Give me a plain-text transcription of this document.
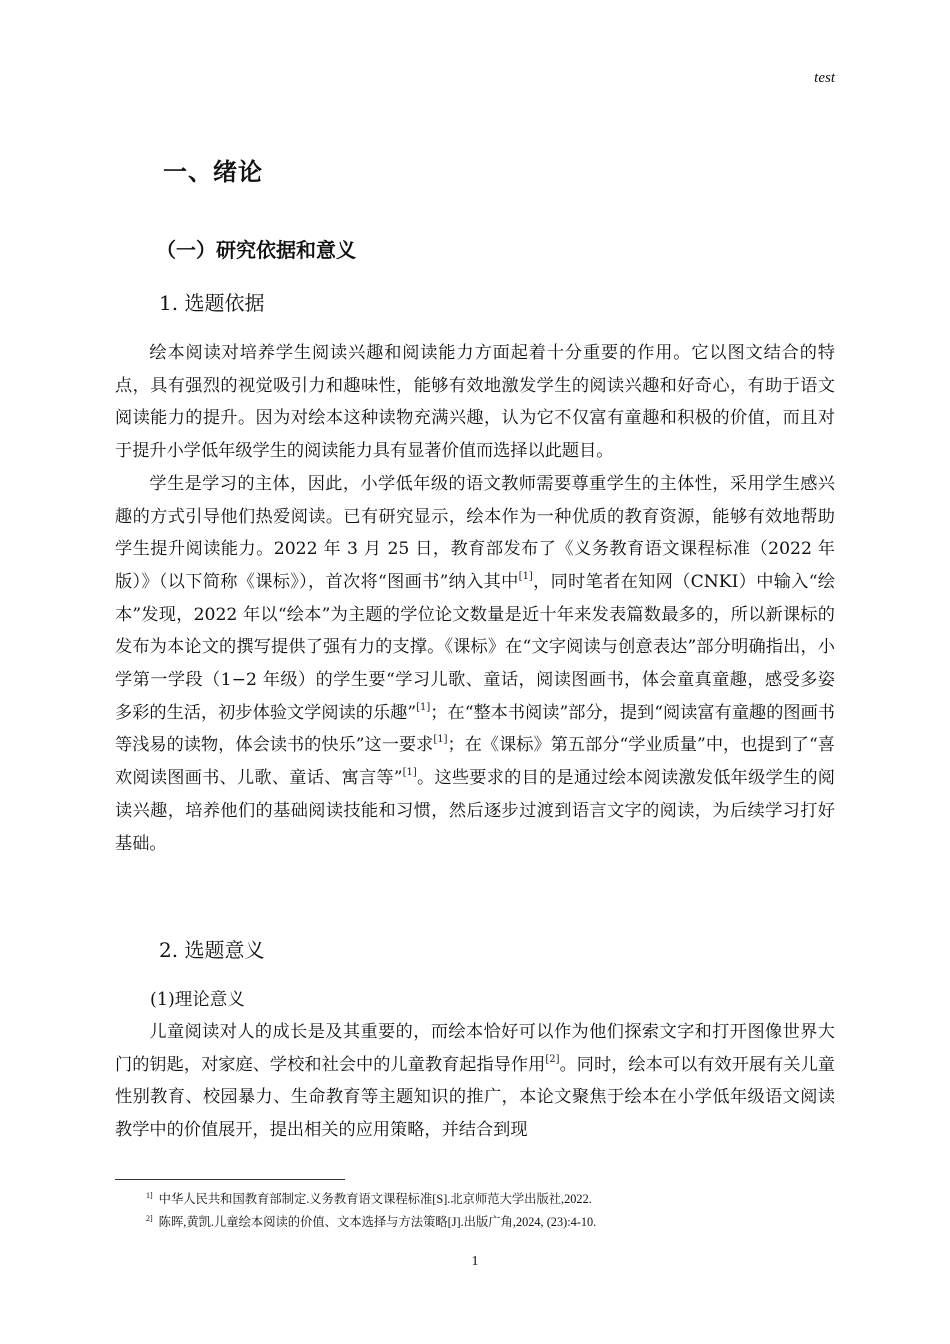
test
一、绪论
（一）研究依据和意义
1. 选题依据

绘本阅读对培养学生阅读兴趣和阅读能力方面起着十分重要的作用。它以图文结合的特点，具有强烈的视觉吸引力和趣味性，能够有效地激发学生的阅读兴趣和好奇心，有助于语文阅读能力的提升。因为对绘本这种读物充满兴趣，认为它不仅富有童趣和积极的价值，而且对于提升小学低年级学生的阅读能力具有显著价值而选择以此题目。

学生是学习的主体，因此，小学低年级的语文教师需要尊重学生的主体性，采用学生感兴趣的方式引导他们热爱阅读。已有研究显示，绘本作为一种优质的教育资源，能够有效地帮助学生提升阅读能力。2022 年 3 月 25 日，教育部发布了《义务教育语文课程标准（2022 年版）》（以下简称《课标》），首次将“图画书”纳入其中[1]，同时笔者在知网（CNKI）中输入“绘本”发现，2022 年以“绘本”为主题的学位论文数量是近十年来发表篇数最多的，所以新课标的发布为本论文的撰写提供了强有力的支撑。《课标》在“文字阅读与创意表达”部分明确指出，小学第一学段（1−2 年级）的学生要“学习儿歌、童话，阅读图画书，体会童真童趣，感受多姿多彩的生活，初步体验文学阅读的乐趣”[1]；在“整本书阅读”部分，提到“阅读富有童趣的图画书等浅易的读物，体会读书的快乐”这一要求[1]；在《课标》第五部分“学业质量”中，也提到了“喜欢阅读图画书、儿歌、童话、寓言等”[1]。这些要求的目的是通过绘本阅读激发低年级学生的阅读兴趣，培养他们的基础阅读技能和习惯，然后逐步过渡到语言文字的阅读，为后续学习打好基础。

2. 选题意义
(1)理论意义

儿童阅读对人的成长是及其重要的，而绘本恰好可以作为他们探索文字和打开图像世界大门的钥匙，对家庭、学校和社会中的儿童教育起指导作用[2]。同时，绘本可以有效开展有关儿童性别教育、校园暴力、生命教育等主题知识的推广，本论文聚焦于绘本在小学低年级语文阅读教学中的价值展开，提出相关的应用策略，并结合到现

$^{1]}$ 中华人民共和国教育部制定.义务教育语文课程标准[S].北京师范大学出版社,2022.
$^{2]}$ 陈晖,黄凯.儿童绘本阅读的价值、文本选择与方法策略[J].出版广角,2024, (23):4-10.
1
